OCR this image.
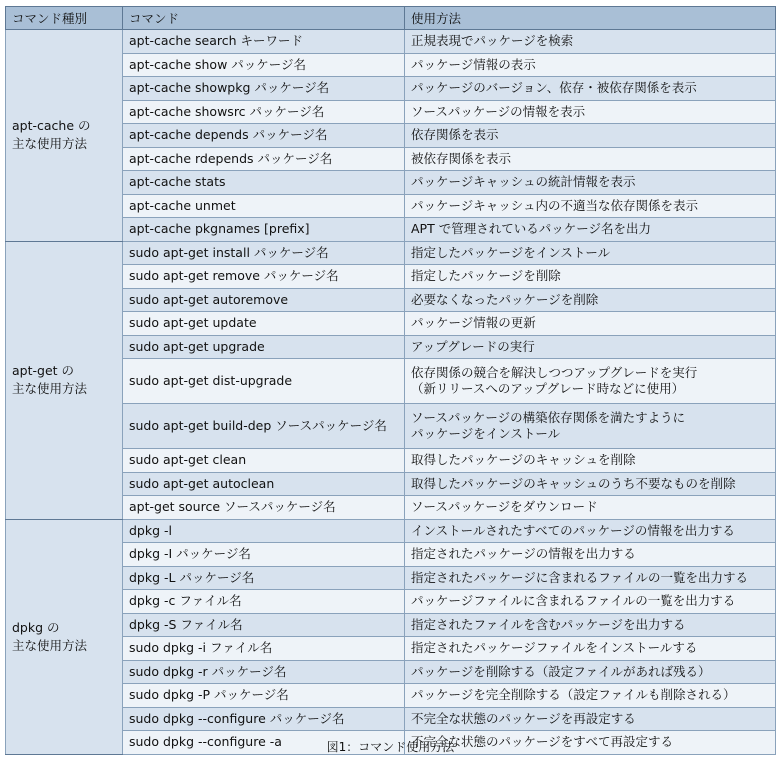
コマンド種別	コマンド	使用方法
apt-cache の
主な使用方法	apt-cache search キーワード	正規表現でパッケージを検索
	apt-cache show パッケージ名	パッケージ情報の表示
	apt-cache showpkg パッケージ名	パッケージのバージョン、依存・被依存関係を表示
	apt-cache showsrc パッケージ名	ソースパッケージの情報を表示
	apt-cache depends パッケージ名	依存関係を表示
	apt-cache rdepends パッケージ名	被依存関係を表示
	apt-cache stats	パッケージキャッシュの統計情報を表示
	apt-cache unmet	パッケージキャッシュ内の不適当な依存関係を表示
	apt-cache pkgnames [prefix]	APT で管理されているパッケージ名を出力
apt-get の
主な使用方法	sudo apt-get install パッケージ名	指定したパッケージをインストール
	sudo apt-get remove パッケージ名	指定したパッケージを削除
	sudo apt-get autoremove	必要なくなったパッケージを削除
	sudo apt-get update	パッケージ情報の更新
	sudo apt-get upgrade	アップグレードの実行
	sudo apt-get dist-upgrade	依存関係の競合を解決しつつアップグレードを実行
（新リリースへのアップグレード時などに使用）
	sudo apt-get build-dep ソースパッケージ名	ソースパッケージの構築依存関係を満たすように
パッケージをインストール
	sudo apt-get clean	取得したパッケージのキャッシュを削除
	sudo apt-get autoclean	取得したパッケージのキャッシュのうち不要なものを削除
	apt-get source ソースパッケージ名	ソースパッケージをダウンロード
dpkg の
主な使用方法	dpkg -l	インストールされたすべてのパッケージの情報を出力する
	dpkg -I パッケージ名	指定されたパッケージの情報を出力する
	dpkg -L パッケージ名	指定されたパッケージに含まれるファイルの一覧を出力する
	dpkg -c ファイル名	パッケージファイルに含まれるファイルの一覧を出力する
	dpkg -S ファイル名	指定されたファイルを含むパッケージを出力する
	sudo dpkg -i ファイル名	指定されたパッケージファイルをインストールする
	sudo dpkg -r パッケージ名	パッケージを削除する（設定ファイルがあれば残る）
	sudo dpkg -P パッケージ名	パッケージを完全削除する（設定ファイルも削除される）
	sudo dpkg --configure パッケージ名	不完全な状態のパッケージを再設定する
	sudo dpkg --configure -a	不完全な状態のパッケージをすべて再設定する
図1：コマンド使用方法
